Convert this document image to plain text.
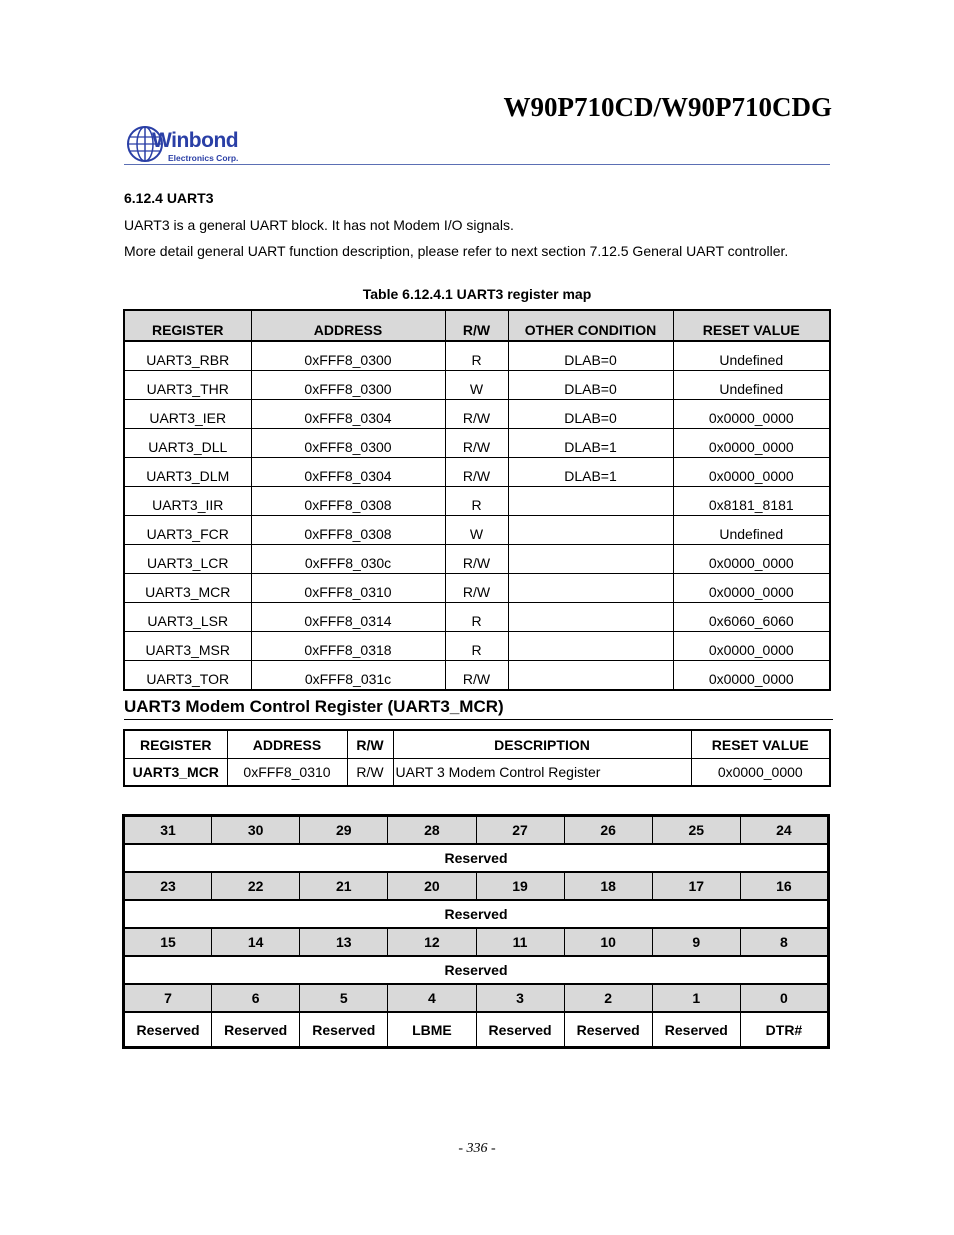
W90P710CD/W90P710CDG
Winbond
Electronics Corp.
6.12.4 UART3
UART3 is a general UART block. It has not Modem I/O signals.
More detail general UART function description, please refer to next section 7.12.5 General UART controller.
Table 6.12.4.1 UART3 register map
REGISTER	ADDRESS	R/W	OTHER CONDITION	RESET VALUE
UART3_RBR	0xFFF8_0300	R	DLAB=0	Undefined
UART3_THR	0xFFF8_0300	W	DLAB=0	Undefined
UART3_IER	0xFFF8_0304	R/W	DLAB=0	0x0000_0000
UART3_DLL	0xFFF8_0300	R/W	DLAB=1	0x0000_0000
UART3_DLM	0xFFF8_0304	R/W	DLAB=1	0x0000_0000
UART3_IIR	0xFFF8_0308	R		0x8181_8181
UART3_FCR	0xFFF8_0308	W		Undefined
UART3_LCR	0xFFF8_030c	R/W		0x0000_0000
UART3_MCR	0xFFF8_0310	R/W		0x0000_0000
UART3_LSR	0xFFF8_0314	R		0x6060_6060
UART3_MSR	0xFFF8_0318	R		0x0000_0000
UART3_TOR	0xFFF8_031c	R/W		0x0000_0000
UART3 Modem Control Register (UART3_MCR)
REGISTER	ADDRESS	R/W	DESCRIPTION	RESET VALUE
UART3_MCR	0xFFF8_0310	R/W	UART 3 Modem Control Register	0x0000_0000
31	30	29	28	27	26	25	24
Reserved							
23	22	21	20	19	18	17	16
Reserved							
15	14	13	12	11	10	9	8
Reserved							
7	6	5	4	3	2	1	0
Reserved	Reserved	Reserved	LBME	Reserved	Reserved	Reserved	DTR#
- 336 -
